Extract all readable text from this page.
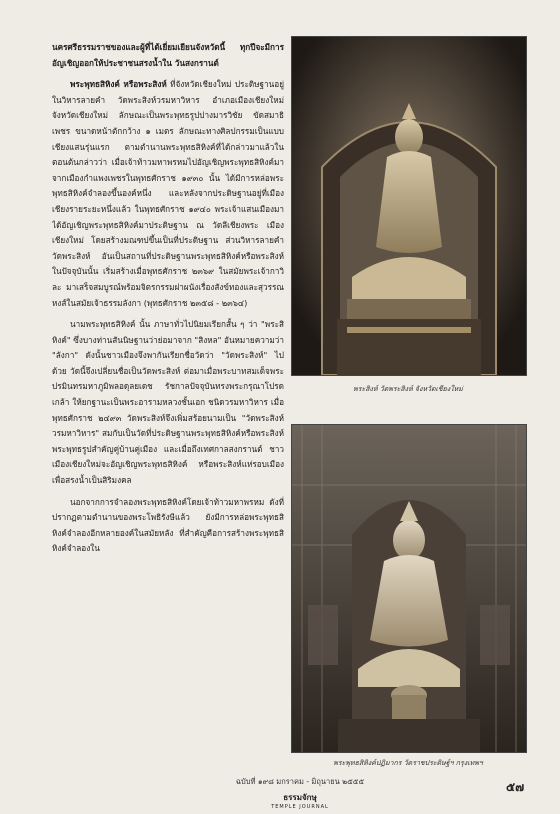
นครศรีธรรมราชของและผู้ที่ได้เยี่ยมเยียนจังหวัดนี้ ทุกปีจะมีการอัญเชิญออกให้ประชาชนสรงน้ำใน วันสงกรานต์

พระพุทธสิหิงค์ หรือพระสิงห์ ที่จังหวัดเชียงใหม่ ประดิษฐานอยู่ในวิหารลายคำ วัดพระสิงห์วรมหาวิหาร อำเภอเมืองเชียงใหม่ จังหวัดเชียงใหม่ ลักษณะเป็นพระพุทธรูปปางมารวิชัย ขัดสมาธิเพชร ขนาดหน้าตักกว้าง ๑ เมตร ลักษณะทางศิลปกรรมเป็นแบบเชียงแสนรุ่นแรก ตามตำนานพระพุทธสิหิงค์ที่ได้กล่าวมาแล้วในตอนต้นกล่าวว่า เมื่อเจ้าท้าวมหาพรหมไปอัญเชิญพระพุทธสิหิงค์มาจากเมืองกำแพงเพชรในพุทธศักราช ๑๙๓๐ นั้น ได้มีการหล่อพระพุทธสิหิงค์จำลองขึ้นองค์หนึ่ง และหลังจากประดิษฐานอยู่ที่เมืองเชียงรายระยะหนึ่งแล้ว ในพุทธศักราช ๑๙๔๐ พระเจ้าแสนเมืองมาได้อัญเชิญพระพุทธสิหิงค์มาประดิษฐาน ณ วัดลีเชียงพระ เมืองเชียงใหม่ โดยสร้างมณฑปขึ้นเป็นที่ประดิษฐาน ส่วนวิหารลายคำวัดพระสิงห์ อันเป็นสถานที่ประดิษฐานพระพุทธสิหิงค์หรือพระสิงห์ ในปัจจุบันนั้น เริ่มสร้างเมื่อพุทธศักราช ๒๓๖๙ ในสมัยพระเจ้ากาวิละ มาเสร็จสมบูรณ์พร้อมจิตรกรรมฝาผนังเรื่องสังข์ทองและสุวรรณหงส์ในสมัยเจ้าธรรมลังกา (พุทธศักราช ๒๓๕๘ - ๒๓๖๔)

นามพระพุทธสิหิงค์ นั้น ภาษาทั่วไปนิยมเรียกสั้น ๆ ว่า "พระสิหิงค์" ซึ่งบางท่านสันนิษฐานว่าย่อมาจาก "สิงหล" อันหมายความว่า "ลังกา" ดังนั้นชาวเมืองจึงพากันเรียกชื่อวัดว่า "วัดพระสิงห์" ไปด้วย วัดนี้จึงเปลี่ยนชื่อเป็นวัดพระสิงห์ ต่อมาเมื่อพระบาทสมเด็จพระปรมินทรมหาภูมิพลอดุลยเดช รัชกาลปัจจุบันทรงพระกรุณาโปรดเกล้า ให้ยกฐานะเป็นพระอารามหลวงชั้นเอก ชนิดวรมหาวิหาร เมื่อพุทธศักราช ๒๔๙๓ วัดพระสิงห์จึงเพิ่มสร้อยนามเป็น "วัดพระสิงห์ วรมหาวิหาร" สมกับเป็นวัดที่ประดิษฐานพระพุทธสิหิงค์หรือพระสิงห์ พระพุทธรูปสำคัญคู่บ้านคู่เมือง และเมื่อถึงเทศกาลสงกรานต์ ชาวเมืองเชียงใหม่จะอัญเชิญพระพุทธสิหิงค์ หรือพระสิงห์แห่รอบเมืองเพื่อสรงน้ำเป็นสิริมงคล

นอกจากการจำลองพระพุทธสิหิงค์โดยเจ้าท้าวมหาพรหม ดังที่ปรากฏตามตำนานของพระโพธิรังษีแล้ว ยังมีการหล่อพระพุทธสิหิงค์จำลองอีกหลายองค์ในสมัยหลัง ที่สำคัญคือการสร้างพระพุทธสิหิงค์จำลองใน

พระสิงห์ วัดพระสิงห์ จังหวัดเชียงใหม่
พระพุทธสิหิงค์ปฏิมากร วัดราชประดิษฐ์ฯ กรุงเทพฯ
ฉบับที่ ๑๙๘ มกราคม - มิถุนายน ๒๕๕๕
ธรรมจักษุ
TEMPLE JOURNAL
๕๗
